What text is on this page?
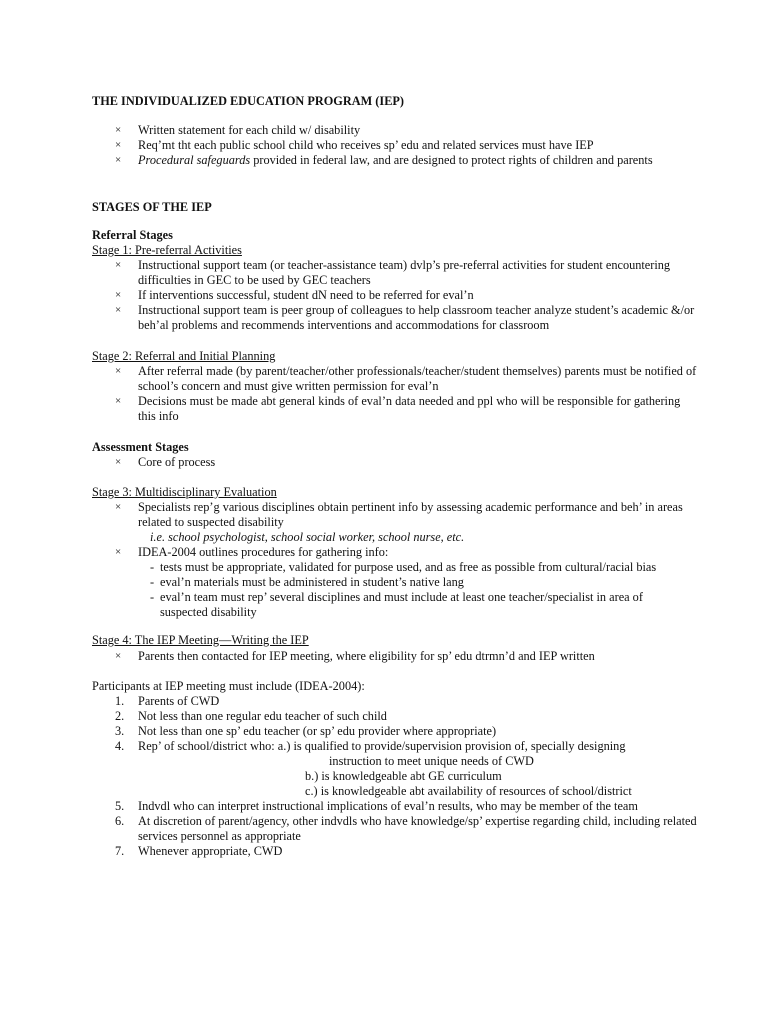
THE INDIVIDUALIZED EDUCATION PROGRAM (IEP)
× Written statement for each child w/ disability
× Req’mt tht each public school child who receives sp’ edu and related services must have IEP
× Procedural safeguards provided in federal law, and are designed to protect rights of children and parents
STAGES OF THE IEP
Referral Stages
Stage 1: Pre-referral Activities
× Instructional support team (or teacher-assistance team) dvlp’s pre-referral activities for student encountering difficulties in GEC to be used by GEC teachers
× If interventions successful, student dN need to be referred for eval’n
× Instructional support team is peer group of colleagues to help classroom teacher analyze student’s academic &/or beh’al problems and recommends interventions and accommodations for classroom
Stage 2: Referral and Initial Planning
× After referral made (by parent/teacher/other professionals/teacher/student themselves) parents must be notified of school’s concern and must give written permission for eval’n
× Decisions must be made abt general kinds of eval’n data needed and ppl who will be responsible for gathering this info
Assessment Stages
× Core of process
Stage 3: Multidisciplinary Evaluation
× Specialists rep’g various disciplines obtain pertinent info by assessing academic performance and beh’ in areas related to suspected disability
i.e. school psychologist, school social worker, school nurse, etc.
× IDEA-2004 outlines procedures for gathering info:
- tests must be appropriate, validated for purpose used, and as free as possible from cultural/racial bias
- eval’n materials must be administered in student’s native lang
- eval’n team must rep’ several disciplines and must include at least one teacher/specialist in area of suspected disability
Stage 4: The IEP Meeting—Writing the IEP
× Parents then contacted for IEP meeting, where eligibility for sp’ edu dtrmn’d and IEP written
Participants at IEP meeting must include (IDEA-2004):
1.	Parents of CWD
2.	Not less than one regular edu teacher of such child
3.	Not less than one sp’ edu teacher (or sp’ edu provider where appropriate)
4.	Rep’ of school/district who: a.) is qualified to provide/supervision provision of, specially designing
instruction to meet unique needs of CWD
b.) is knowledgeable abt GE curriculum
c.) is knowledgeable abt availability of resources of school/district
5.	Indvdl who can interpret instructional implications of eval’n results, who may be member of the team
6.	At discretion of parent/agency, other indvdls who have knowledge/sp’ expertise regarding child, including related services personnel as appropriate
7.	Whenever appropriate, CWD
